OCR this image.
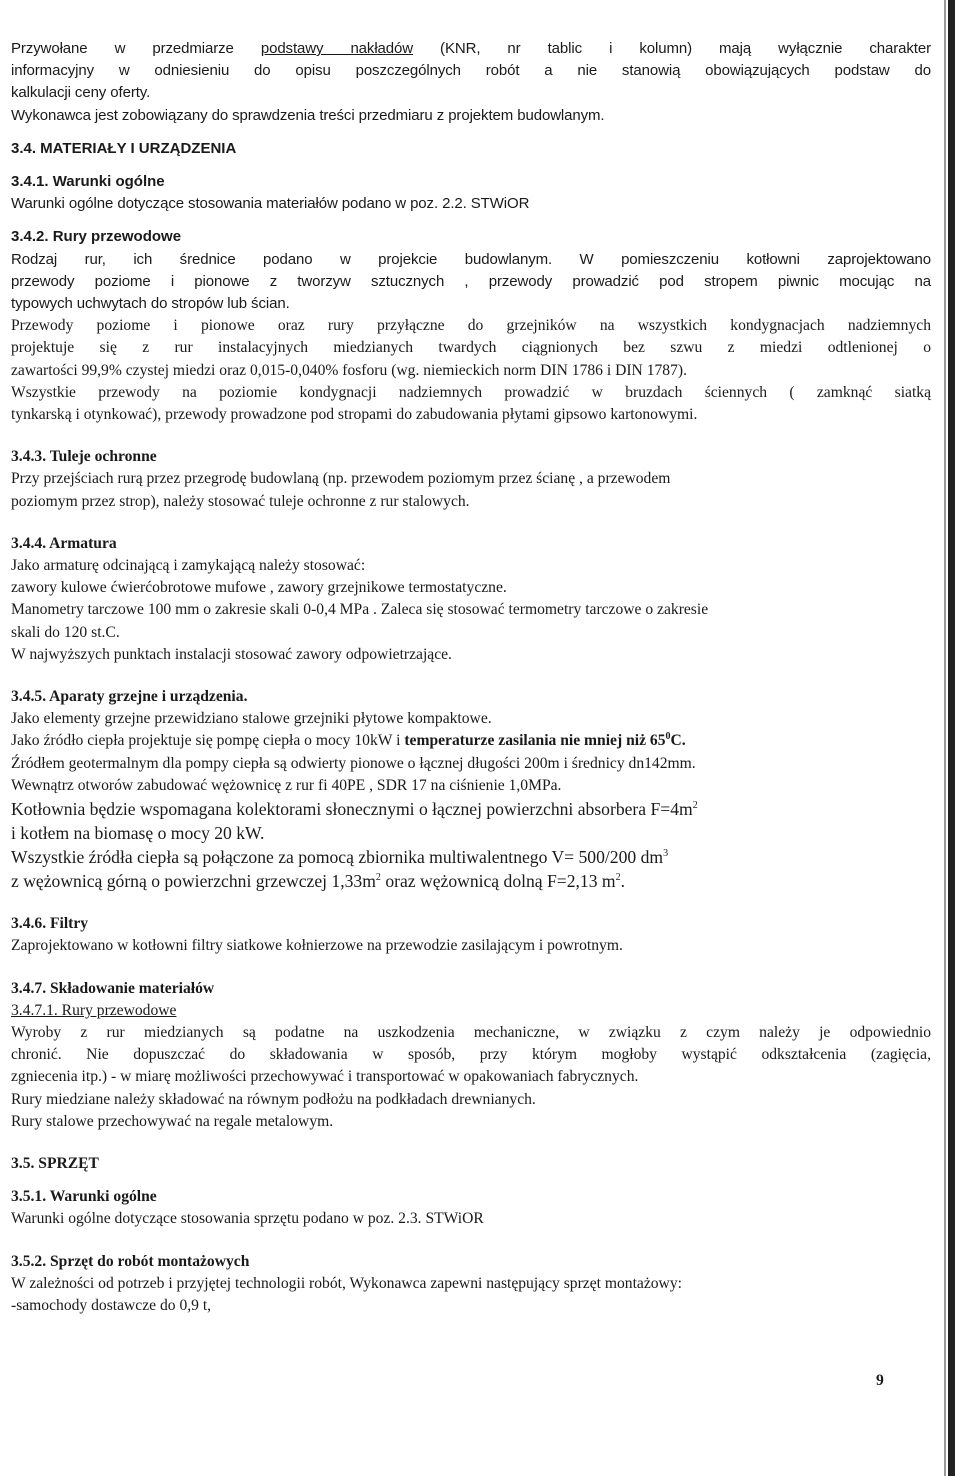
Przywołane w przedmiarze podstawy nakładów (KNR, nr tablic i kolumn) mają wyłącznie charakter

informacyjny w odniesieniu do opisu poszczególnych robót a nie stanowią obowiązujących podstaw do

kalkulacji ceny oferty.

Wykonawca jest zobowiązany do sprawdzenia treści przedmiaru z projektem budowlanym.

3.4. MATERIAŁY I URZĄDZENIA

3.4.1. Warunki ogólne

Warunki ogólne dotyczące stosowania materiałów podano w poz. 2.2. STWiOR

3.4.2. Rury przewodowe

Rodzaj rur, ich średnice podano w projekcie budowlanym. W pomieszczeniu kotłowni zaprojektowano

przewody poziome i pionowe z tworzyw sztucznych , przewody prowadzić pod stropem piwnic mocując na

typowych uchwytach do stropów lub ścian.

Przewody poziome i pionowe oraz rury przyłączne do grzejników na wszystkich kondygnacjach nadziemnych

projektuje się z rur instalacyjnych miedzianych twardych ciągnionych bez szwu z miedzi odtlenionej o

zawartości 99,9% czystej miedzi oraz 0,015-0,040% fosforu (wg. niemieckich norm DIN 1786 i DIN 1787).

Wszystkie przewody na poziomie kondygnacji nadziemnych prowadzić w bruzdach ściennych ( zamknąć siatką

tynkarską i otynkować), przewody prowadzone pod stropami do zabudowania płytami gipsowo kartonowymi.

3.4.3. Tuleje ochronne

Przy przejściach rurą przez przegrodę budowlaną (np. przewodem poziomym przez ścianę , a przewodem

poziomym przez strop), należy stosować tuleje ochronne z rur stalowych.

3.4.4. Armatura

Jako armaturę odcinającą i zamykającą należy stosować:

zawory kulowe ćwierćobrotowe mufowe , zawory grzejnikowe termostatyczne.

Manometry tarczowe 100 mm o zakresie skali 0-0,4 MPa . Zaleca się stosować termometry tarczowe o zakresie

skali do 120 st.C.

W najwyższych punktach instalacji stosować zawory odpowietrzające.

3.4.5. Aparaty grzejne i urządzenia.

Jako elementy grzejne przewidziano stalowe grzejniki płytowe kompaktowe.

Jako źródło ciepła projektuje się pompę ciepła o mocy 10kW i temperaturze zasilania nie mniej niż $65^0C$.

Źródłem geotermalnym dla pompy ciepła są odwierty pionowe o łącznej długości 200m i średnicy dn142mm.

Wewnątrz otworów zabudować wężownicę z rur fi 40PE , SDR 17 na ciśnienie 1,0MPa.

Kotłownia będzie wspomagana kolektorami słonecznymi o łącznej powierzchni absorbera $F=4m^2$

i kotłem na biomasę o mocy 20 kW.

Wszystkie źródła ciepła są połączone za pomocą zbiornika multiwalentnego V= 500/200 $dm^3$

z wężownicą górną o powierzchni grzewczej $1,33m^2$ oraz wężownicą dolną F=2,13 $m^2$.

3.4.6. Filtry

Zaprojektowano w kotłowni filtry siatkowe kołnierzowe na przewodzie zasilającym i powrotnym.

3.4.7. Składowanie materiałów

3.4.7.1. Rury przewodowe

Wyroby z rur miedzianych są podatne na uszkodzenia mechaniczne, w związku z czym należy je odpowiednio

chronić. Nie dopuszczać do składowania w sposób, przy którym mogłoby wystąpić odkształcenia (zagięcia,

zgniecenia itp.) - w miarę możliwości przechowywać i transportować w opakowaniach fabrycznych.

Rury miedziane należy składować na równym podłożu na podkładach drewnianych.

Rury stalowe przechowywać na regale metalowym.

3.5. SPRZĘT

3.5.1. Warunki ogólne

Warunki ogólne dotyczące stosowania sprzętu podano w poz. 2.3. STWiOR

3.5.2. Sprzęt do robót montażowych

W zależności od potrzeb i przyjętej technologii robót, Wykonawca zapewni następujący sprzęt montażowy:

-samochody dostawcze do 0,9 t,

9
